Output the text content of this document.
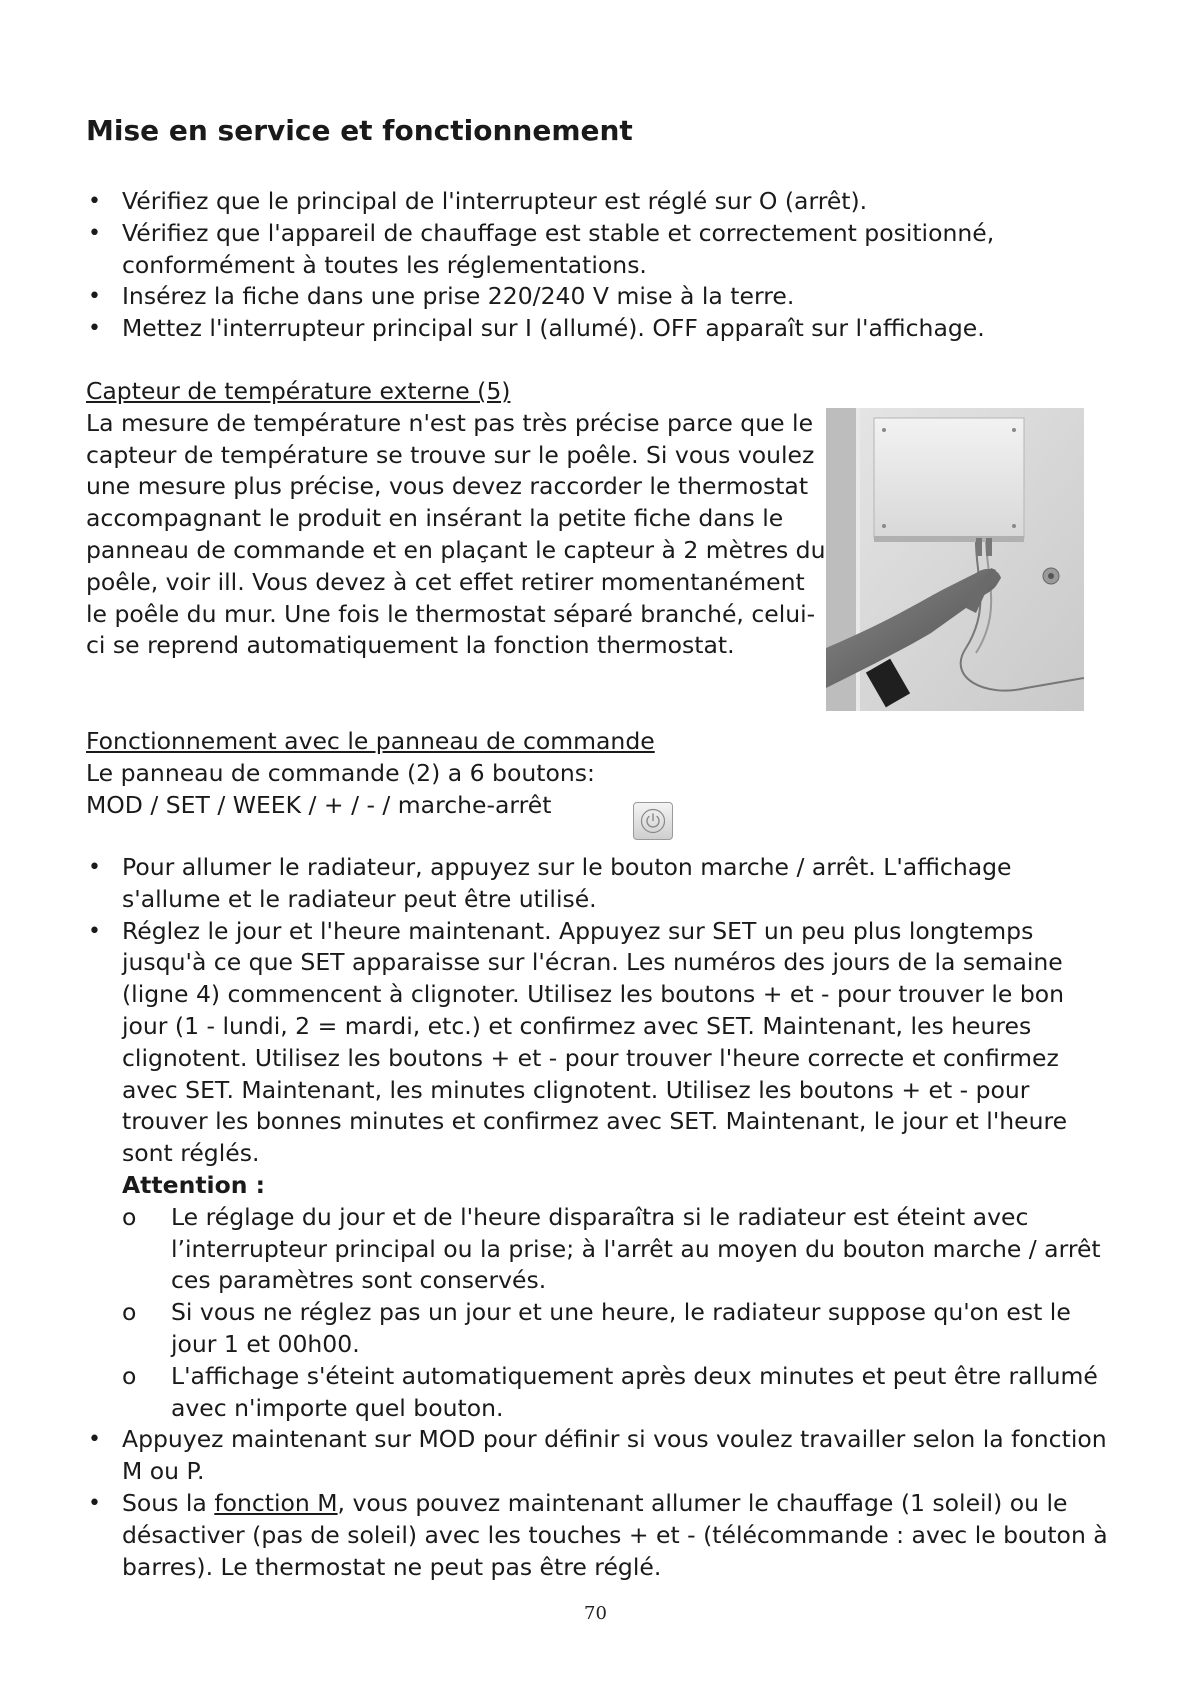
Mise en service et fonctionnement
• Vérifiez que le principal de l'interrupteur est réglé sur O (arrêt).
• Vérifiez que l'appareil de chauffage est stable et correctement positionné, conformément à toutes les réglementations.
• Insérez la fiche dans une prise 220/240 V mise à la terre.
• Mettez l'interrupteur principal sur I (allumé). OFF apparaît sur l'affichage.

Capteur de température externe (5)

La mesure de température n'est pas très précise parce que le capteur de température se trouve sur le poêle. Si vous voulez une mesure plus précise, vous devez raccorder le thermostat accompagnant le produit en insérant la petite fiche dans le panneau de commande et en plaçant le capteur à 2 mètres du poêle, voir ill. Vous devez à cet effet retirer momentanément le poêle du mur. Une fois le thermostat séparé branché, celui-ci se reprend automatiquement la fonction thermostat.

Fonctionnement avec le panneau de commande

Le panneau de commande (2) a 6 boutons:

MOD / SET / WEEK / + / - / marche-arrêt

• Pour allumer le radiateur, appuyez sur le bouton marche / arrêt. L'affichage s'allume et le radiateur peut être utilisé.
• Réglez le jour et l'heure maintenant. Appuyez sur SET un peu plus longtemps jusqu'à ce que SET apparaisse sur l'écran. Les numéros des jours de la semaine (ligne 4) commencent à clignoter. Utilisez les boutons + et - pour trouver le bon jour (1 - lundi, 2 = mardi, etc.) et confirmez avec SET. Maintenant, les heures clignotent. Utilisez les boutons + et - pour trouver l'heure correcte et confirmez avec SET. Maintenant, les minutes clignotent. Utilisez les boutons + et - pour trouver les bonnes minutes et confirmez avec SET. Maintenant, le jour et l'heure sont réglés.
Attention :
o Le réglage du jour et de l'heure disparaîtra si le radiateur est éteint avec l’interrupteur principal ou la prise; à l'arrêt au moyen du bouton marche / arrêt ces paramètres sont conservés.
o Si vous ne réglez pas un jour et une heure, le radiateur suppose qu'on est le jour 1 et 00h00.
o L'affichage s'éteint automatiquement après deux minutes et peut être rallumé avec n'importe quel bouton.
• Appuyez maintenant sur MOD pour définir si vous voulez travailler selon la fonction M ou P.
• Sous la fonction M, vous pouvez maintenant allumer le chauffage (1 soleil) ou le désactiver (pas de soleil) avec les touches + et - (télécommande : avec le bouton à barres). Le thermostat ne peut pas être réglé.
70
